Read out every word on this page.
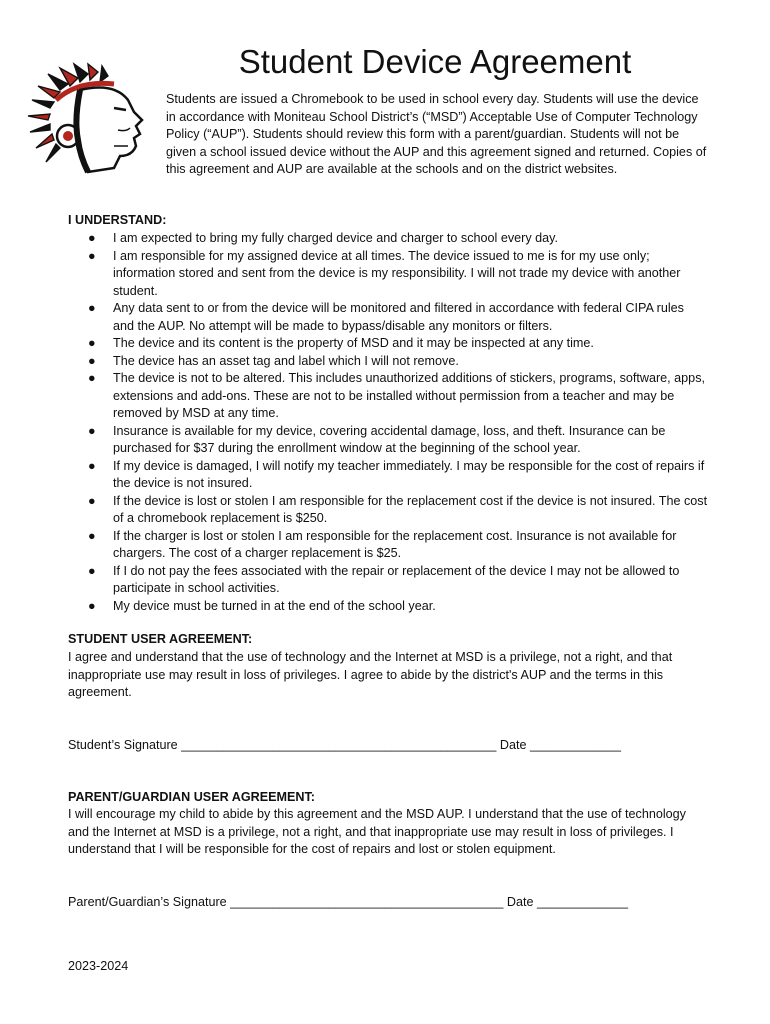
Student Device Agreement
Students are issued a Chromebook to be used in school every day. Students will use the device in accordance with Moniteau School District’s (“MSD”) Acceptable Use of Computer Technology Policy (“AUP”). Students should review this form with a parent/guardian. Students will not be given a school issued device without the AUP and this agreement signed and returned. Copies of this agreement and AUP are available at the schools and on the district websites.
I UNDERSTAND:
● I am expected to bring my fully charged device and charger to school every day.
● I am responsible for my assigned device at all times. The device issued to me is for my use only; information stored and sent from the device is my responsibility. I will not trade my device with another student.
● Any data sent to or from the device will be monitored and filtered in accordance with federal CIPA rules and the AUP. No attempt will be made to bypass/disable any monitors or filters.
● The device and its content is the property of MSD and it may be inspected at any time.
● The device has an asset tag and label which I will not remove.
● The device is not to be altered. This includes unauthorized additions of stickers, programs, software, apps, extensions and add-ons. These are not to be installed without permission from a teacher and may be removed by MSD at any time.
● Insurance is available for my device, covering accidental damage, loss, and theft. Insurance can be purchased for $37 during the enrollment window at the beginning of the school year.
● If my device is damaged, I will notify my teacher immediately. I may be responsible for the cost of repairs if the device is not insured.
● If the device is lost or stolen I am responsible for the replacement cost if the device is not insured. The cost of a chromebook replacement is $250.
● If the charger is lost or stolen I am responsible for the replacement cost. Insurance is not available for chargers. The cost of a charger replacement is $25.
● If I do not pay the fees associated with the repair or replacement of the device I may not be allowed to participate in school activities.
● My device must be turned in at the end of the school year.
STUDENT USER AGREEMENT:
I agree and understand that the use of technology and the Internet at MSD is a privilege, not a right, and that inappropriate use may result in loss of privileges. I agree to abide by the district's AUP and the terms in this agreement.
Student’s Signature _____________________________________________ Date _____________
PARENT/GUARDIAN USER AGREEMENT:
I will encourage my child to abide by this agreement and the MSD AUP. I understand that the use of technology and the Internet at MSD is a privilege, not a right, and that inappropriate use may result in loss of privileges. I understand that I will be responsible for the cost of repairs and lost or stolen equipment.
Parent/Guardian’s Signature _______________________________________ Date _____________
2023-2024
